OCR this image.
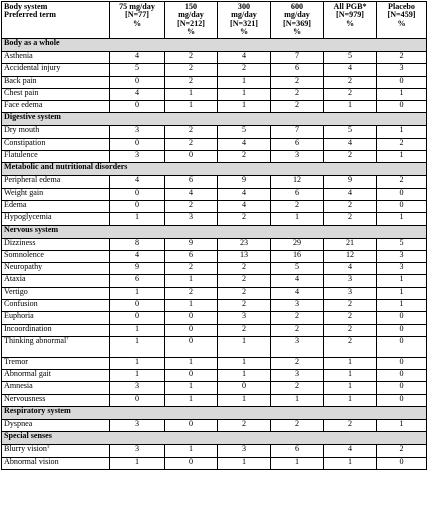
Body system
Preferred term	75 mg/day
[N=77]
%	150
mg/day
[N=212]
%	300
mg/day
[N=321]
%	600
mg/day
[N=369]
%	All PGB*
[N=979]
%	Placebo
[N=459]
%

Body as a whole						
Asthenia	4	2	4	7	5	2
Accidental injury	5	2	2	6	4	3
Back pain	0	2	1	2	2	0
Chest pain	4	1	1	2	2	1
Face edema	0	1	1	2	1	0
Digestive system						
Dry mouth	3	2	5	7	5	1
Constipation	0	2	4	6	4	2
Flatulence	3	0	2	3	2	1
Metabolic and nutritional disorders						
Peripheral edema	4	6	9	12	9	2
Weight gain	0	4	4	6	4	0
Edema	0	2	4	2	2	0
Hypoglycemia	1	3	2	1	2	1
Nervous system						
Dizziness	8	9	23	29	21	5
Somnolence	4	6	13	16	12	3
Neuropathy	9	2	2	5	4	3
Ataxia	6	1	2	4	3	1
Vertigo	1	2	2	4	3	1
Confusion	0	1	2	3	2	1
Euphoria	0	0	3	2	2	0
Incoordination	1	0	2	2	2	0
Thinking abnormal†	1	0	1	3	2	0
Tremor	1	1	1	2	1	0
Abnormal gait	1	0	1	3	1	0
Amnesia	3	1	0	2	1	0
Nervousness	0	1	1	1	1	0
Respiratory system						
Dyspnea	3	0	2	2	2	1
Special senses						
Blurry vision‡	3	1	3	6	4	2
Abnormal vision	1	0	1	1	1	0
